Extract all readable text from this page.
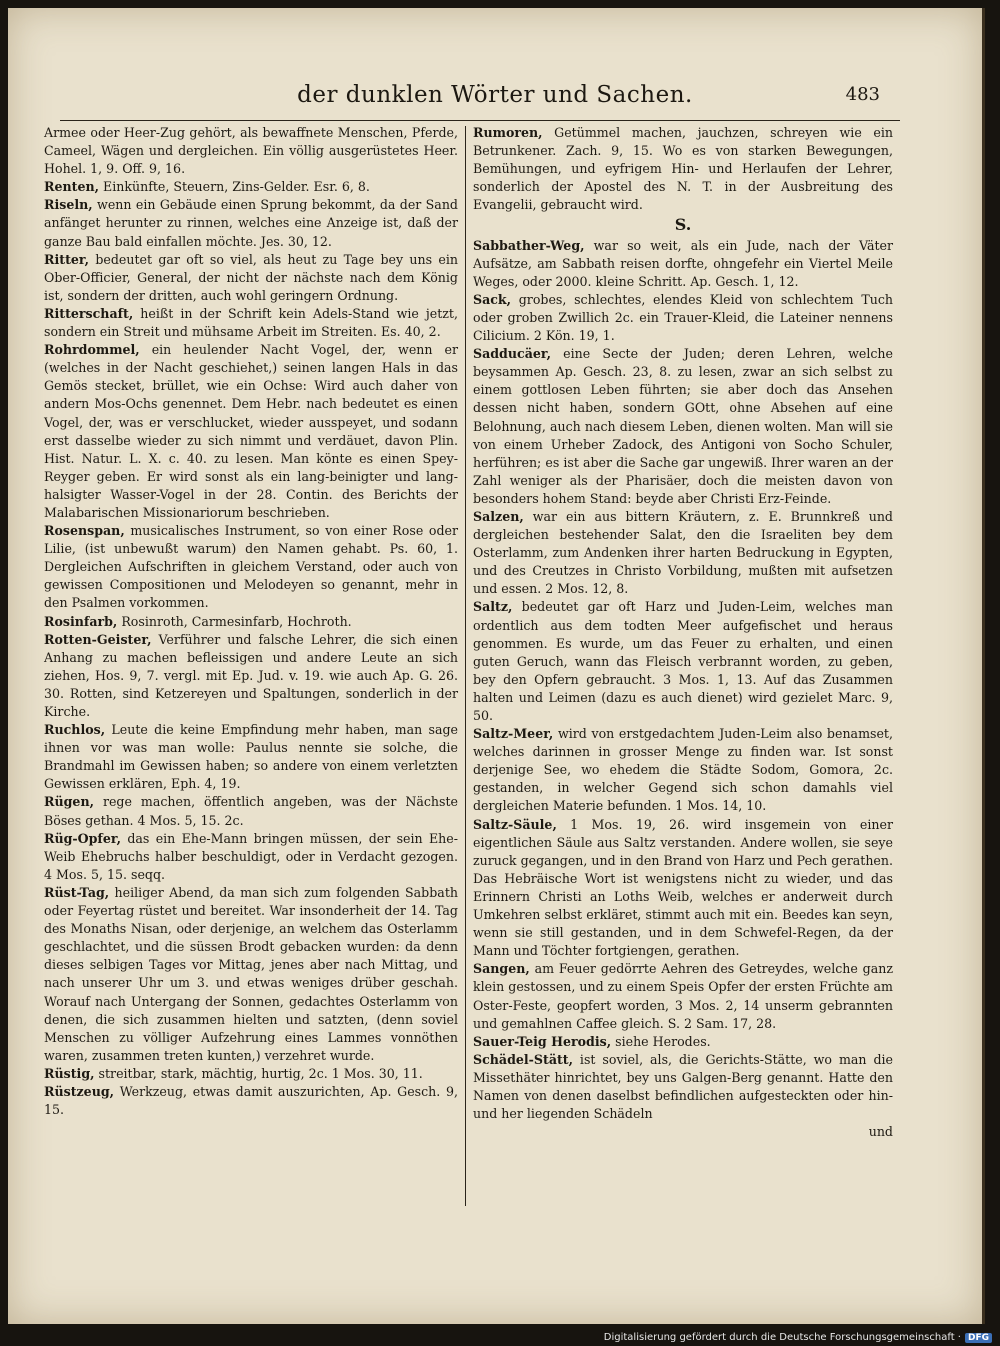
der dunklen Wörter und Sachen.	483
Armee oder Heer-Zug gehört, als bewaffnete Menschen, Pferde, Cameel, Wägen und dergleichen. Ein völlig ausgerüstetes Heer. Hohel. 1, 9. Off. 9, 16.
Renten, Einkünfte, Steuern, Zins-Gelder. Esr. 6, 8.
Riseln, wenn ein Gebäude einen Sprung bekommt, da der Sand anfänget herunter zu rinnen, welches eine Anzeige ist, daß der ganze Bau bald einfallen möchte. Jes. 30, 12.
Ritter, bedeutet gar oft so viel, als heut zu Tage bey uns ein Ober-Officier, General, der nicht der nächste nach dem König ist, sondern der dritten, auch wohl geringern Ordnung.
Ritterschaft, heißt in der Schrift kein Adels-Stand wie jetzt, sondern ein Streit und mühsame Arbeit im Streiten. Es. 40, 2.
Rohrdommel, ein heulender Nacht Vogel, der, wenn er (welches in der Nacht geschiehet,) seinen langen Hals in das Gemös stecket, brüllet, wie ein Ochse: Wird auch daher von andern Mos-Ochs genennet. Dem Hebr. nach bedeutet es einen Vogel, der, was er verschlucket, wieder ausspeyet, und sodann erst dasselbe wieder zu sich nimmt und verdäuet, davon Plin. Hist. Natur. L. X. c. 40. zu lesen. Man könte es einen Spey-Reyger geben. Er wird sonst als ein lang-beinigter und lang-halsigter Wasser-Vogel in der 28. Contin. des Berichts der Malabarischen Missionariorum beschrieben.
Rosenspan, musicalisches Instrument, so von einer Rose oder Lilie, (ist unbewußt warum) den Namen gehabt. Ps. 60, 1. Dergleichen Aufschriften in gleichem Verstand, oder auch von gewissen Compositionen und Melodeyen so genannt, mehr in den Psalmen vorkommen.
Rosinfarb, Rosinroth, Carmesinfarb, Hochroth.
Rotten-Geister, Verführer und falsche Lehrer, die sich einen Anhang zu machen befleissigen und andere Leute an sich ziehen, Hos. 9, 7. vergl. mit Ep. Jud. v. 19. wie auch Ap. G. 26. 30. Rotten, sind Ketzereyen und Spaltungen, sonderlich in der Kirche.
Ruchlos, Leute die keine Empfindung mehr haben, man sage ihnen vor was man wolle: Paulus nennte sie solche, die Brandmahl im Gewissen haben; so andere von einem verletzten Gewissen erklären, Eph. 4, 19.
Rügen, rege machen, öffentlich angeben, was der Nächste Böses gethan. 4 Mos. 5, 15. 2c.
Rüg-Opfer, das ein Ehe-Mann bringen müssen, der sein Ehe-Weib Ehebruchs halber beschuldigt, oder in Verdacht gezogen. 4 Mos. 5, 15. seqq.
Rüst-Tag, heiliger Abend, da man sich zum folgenden Sabbath oder Feyertag rüstet und bereitet. War insonderheit der 14. Tag des Monaths Nisan, oder derjenige, an welchem das Osterlamm geschlachtet, und die süssen Brodt gebacken wurden: da denn dieses selbigen Tages vor Mittag, jenes aber nach Mittag, und nach unserer Uhr um 3. und etwas weniges drüber geschah. Worauf nach Untergang der Sonnen, gedachtes Osterlamm von denen, die sich zusammen hielten und satzten, (denn soviel Menschen zu völliger Aufzehrung eines Lammes vonnöthen waren, zusammen treten kunten,) verzehret wurde.
Rüstig, streitbar, stark, mächtig, hurtig, 2c. 1 Mos. 30, 11.
Rüstzeug, Werkzeug, etwas damit auszurichten, Ap. Gesch. 9, 15.
Rumoren, Getümmel machen, jauchzen, schreyen wie ein Betrunkener. Zach. 9, 15. Wo es von starken Bewegungen, Bemühungen, und eyfrigem Hin- und Herlaufen der Lehrer, sonderlich der Apostel des N. T. in der Ausbreitung des Evangelii, gebraucht wird.
S.
Sabbather-Weg, war so weit, als ein Jude, nach der Väter Aufsätze, am Sabbath reisen dorfte, ohngefehr ein Viertel Meile Weges, oder 2000. kleine Schritt. Ap. Gesch. 1, 12.
Sack, grobes, schlechtes, elendes Kleid von schlechtem Tuch oder groben Zwillich 2c. ein Trauer-Kleid, die Lateiner nennens Cilicium. 2 Kön. 19, 1.
Sadducäer, eine Secte der Juden; deren Lehren, welche beysammen Ap. Gesch. 23, 8. zu lesen, zwar an sich selbst zu einem gottlosen Leben führten; sie aber doch das Ansehen dessen nicht haben, sondern GOtt, ohne Absehen auf eine Belohnung, auch nach diesem Leben, dienen wolten. Man will sie von einem Urheber Zadock, des Antigoni von Socho Schuler, herführen; es ist aber die Sache gar ungewiß. Ihrer waren an der Zahl weniger als der Pharisäer, doch die meisten davon von besonders hohem Stand: beyde aber Christi Erz-Feinde.
Salzen, war ein aus bittern Kräutern, z. E. Brunnkreß und dergleichen bestehender Salat, den die Israeliten bey dem Osterlamm, zum Andenken ihrer harten Bedruckung in Egypten, und des Creutzes in Christo Vorbildung, mußten mit aufsetzen und essen. 2 Mos. 12, 8.
Saltz, bedeutet gar oft Harz und Juden-Leim, welches man ordentlich aus dem todten Meer aufgefischet und heraus genommen. Es wurde, um das Feuer zu erhalten, und einen guten Geruch, wann das Fleisch verbrannt worden, zu geben, bey den Opfern gebraucht. 3 Mos. 1, 13. Auf das Zusammen halten und Leimen (dazu es auch dienet) wird gezielet Marc. 9, 50.
Saltz-Meer, wird von erstgedachtem Juden-Leim also benamset, welches darinnen in grosser Menge zu finden war. Ist sonst derjenige See, wo ehedem die Städte Sodom, Gomora, 2c. gestanden, in welcher Gegend sich schon damahls viel dergleichen Materie befunden. 1 Mos. 14, 10.
Saltz-Säule, 1 Mos. 19, 26. wird insgemein von einer eigentlichen Säule aus Saltz verstanden. Andere wollen, sie seye zuruck gegangen, und in den Brand von Harz und Pech gerathen. Das Hebräische Wort ist wenigstens nicht zu wieder, und das Erinnern Christi an Loths Weib, welches er anderweit durch Umkehren selbst erkläret, stimmt auch mit ein. Beedes kan seyn, wenn sie still gestanden, und in dem Schwefel-Regen, da der Mann und Töchter fortgiengen, gerathen.
Sangen, am Feuer gedörrte Aehren des Getreydes, welche ganz klein gestossen, und zu einem Speis Opfer der ersten Früchte am Oster-Feste, geopfert worden, 3 Mos. 2, 14 unserm gebrannten und gemahlnen Caffee gleich. S. 2 Sam. 17, 28.
Sauer-Teig Herodis, siehe Herodes.
Schädel-Stätt, ist soviel, als, die Gerichts-Stätte, wo man die Missethäter hinrichtet, bey uns Galgen-Berg genannt. Hatte den Namen von denen daselbst befindlichen aufgesteckten oder hin- und her liegenden Schädeln
und
Digitalisierung gefördert durch die Deutsche Forschungsgemeinschaft · DFG
